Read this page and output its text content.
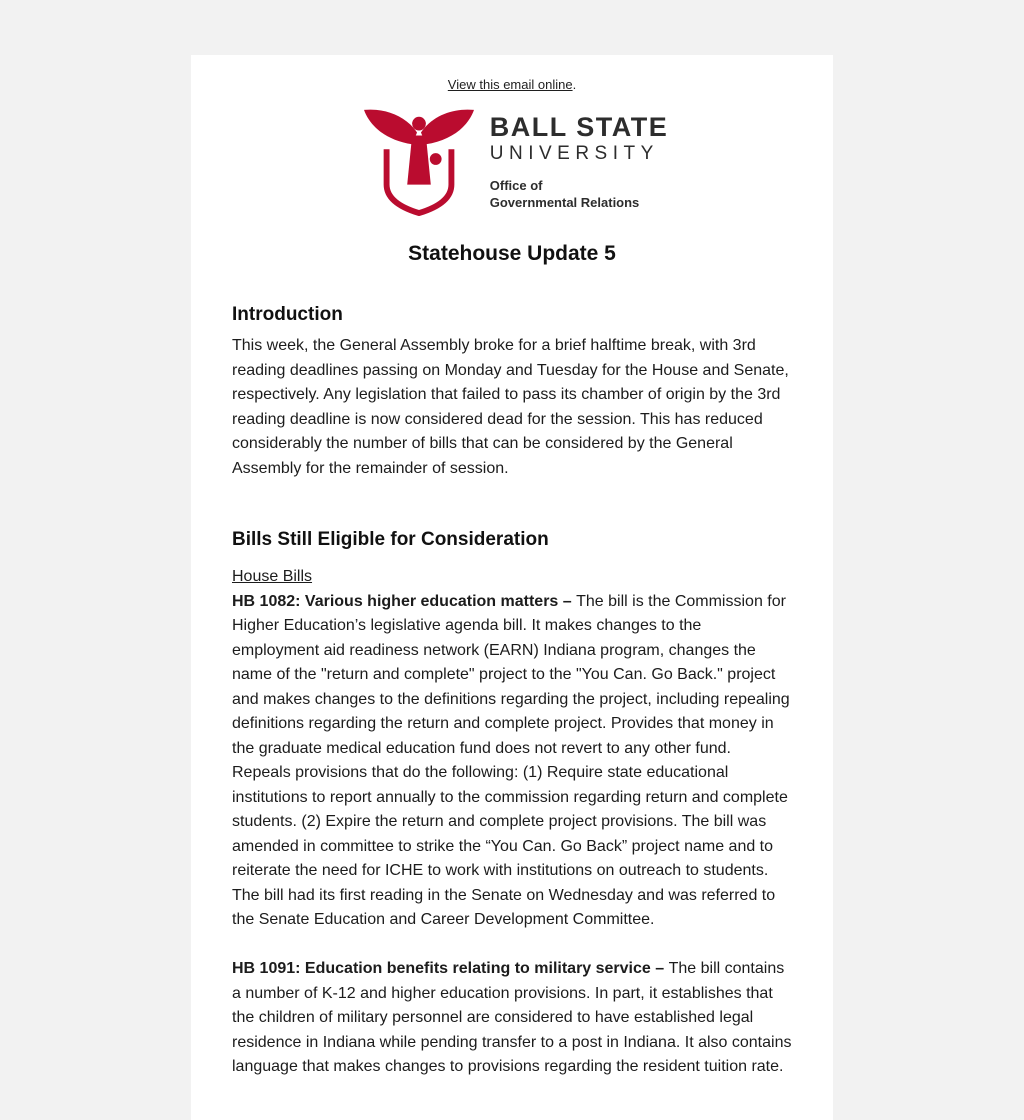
View this email online.
BALL STATE
UNIVERSITY
Office of
Governmental Relations
Statehouse Update 5
Introduction

This week, the General Assembly broke for a brief halftime break, with 3rd reading deadlines passing on Monday and Tuesday for the House and Senate, respectively. Any legislation that failed to pass its chamber of origin by the 3rd reading deadline is now considered dead for the session. This has reduced considerably the number of bills that can be considered by the General Assembly for the remainder of session.

Bills Still Eligible for Consideration
House Bills

HB 1082: Various higher education matters – The bill is the Commission for Higher Education’s legislative agenda bill. It makes changes to the employment aid readiness network (EARN) Indiana program, changes the name of the "return and complete" project to the "You Can. Go Back." project and makes changes to the definitions regarding the project, including repealing definitions regarding the return and complete project. Provides that money in the graduate medical education fund does not revert to any other fund. Repeals provisions that do the following: (1) Require state educational institutions to report annually to the commission regarding return and complete students. (2) Expire the return and complete project provisions. The bill was amended in committee to strike the “You Can. Go Back” project name and to reiterate the need for ICHE to work with institutions on outreach to students. The bill had its first reading in the Senate on Wednesday and was referred to the Senate Education and Career Development Committee.

HB 1091: Education benefits relating to military service – The bill contains a number of K-12 and higher education provisions. In part, it establishes that the children of military personnel are considered to have established legal residence in Indiana while pending transfer to a post in Indiana. It also contains language that makes changes to provisions regarding the resident tuition rate.
